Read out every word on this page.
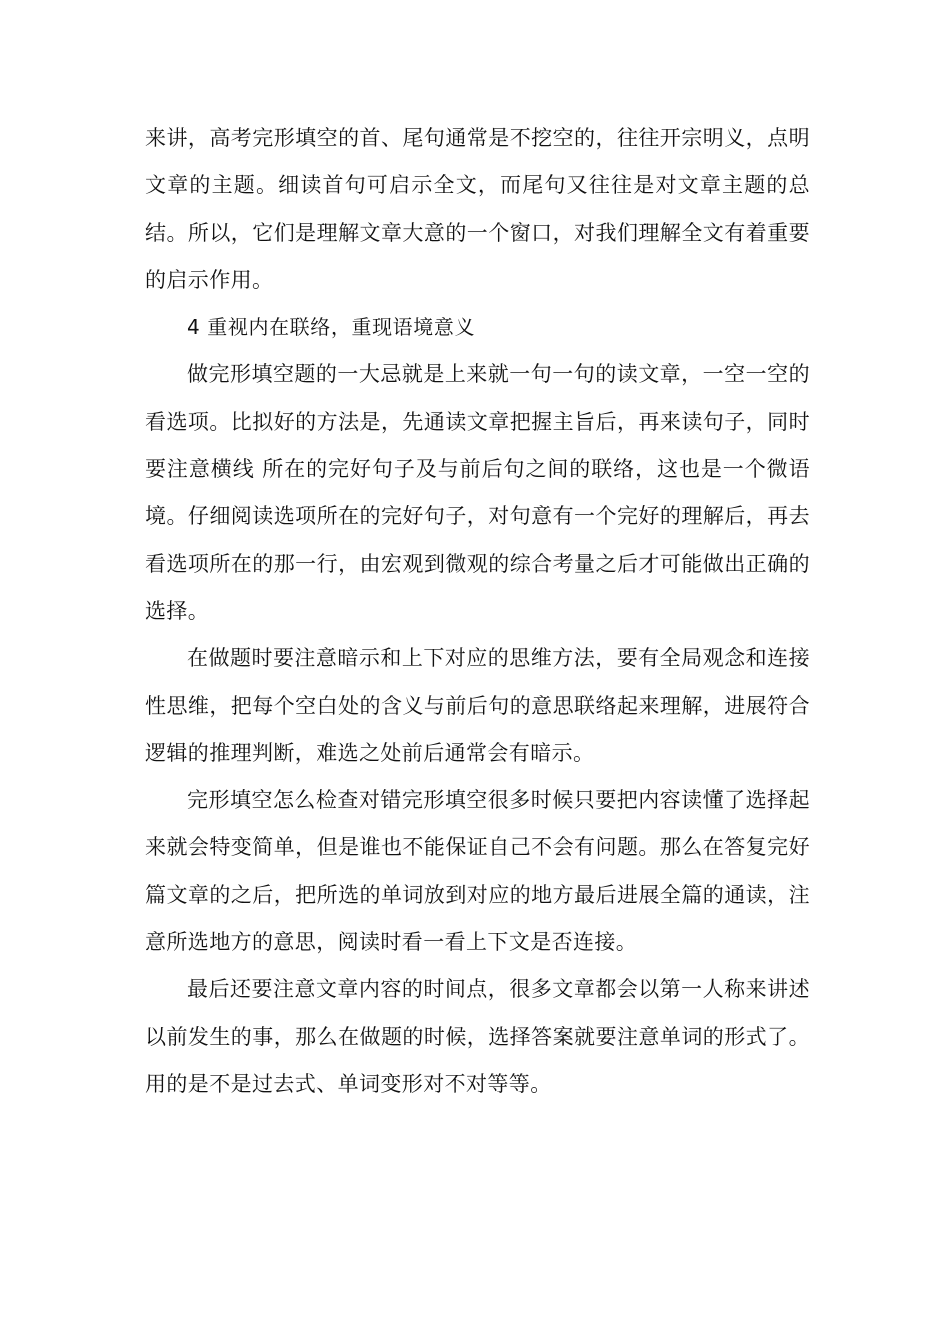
来讲，高考完形填空的首、尾句通常是不挖空的，往往开宗明义，点明文章的主题。细读首句可启示全文，而尾句又往往是对文章主题的总结。所以，它们是理解文章大意的一个窗口，对我们理解全文有着重要的启示作用。

4 重视内在联络，重现语境意义

做完形填空题的一大忌就是上来就一句一句的读文章，一空一空的看选项。比拟好的方法是，先通读文章把握主旨后，再来读句子，同时要注意横线 所在的完好句子及与前后句之间的联络，这也是一个微语境。仔细阅读选项所在的完好句子，对句意有一个完好的理解后，再去看选项所在的那一行，由宏观到微观的综合考量之后才可能做出正确的选择。

在做题时要注意暗示和上下对应的思维方法，要有全局观念和连接性思维，把每个空白处的含义与前后句的意思联络起来理解，进展符合逻辑的推理判断，难选之处前后通常会有暗示。

完形填空怎么检查对错完形填空很多时候只要把内容读懂了选择起来就会特变简单，但是谁也不能保证自己不会有问题。那么在答复完好篇文章的之后，把所选的单词放到对应的地方最后进展全篇的通读，注意所选地方的意思，阅读时看一看上下文是否连接。

最后还要注意文章内容的时间点，很多文章都会以第一人称来讲述以前发生的事，那么在做题的时候，选择答案就要注意单词的形式了。用的是不是过去式、单词变形对不对等等。
